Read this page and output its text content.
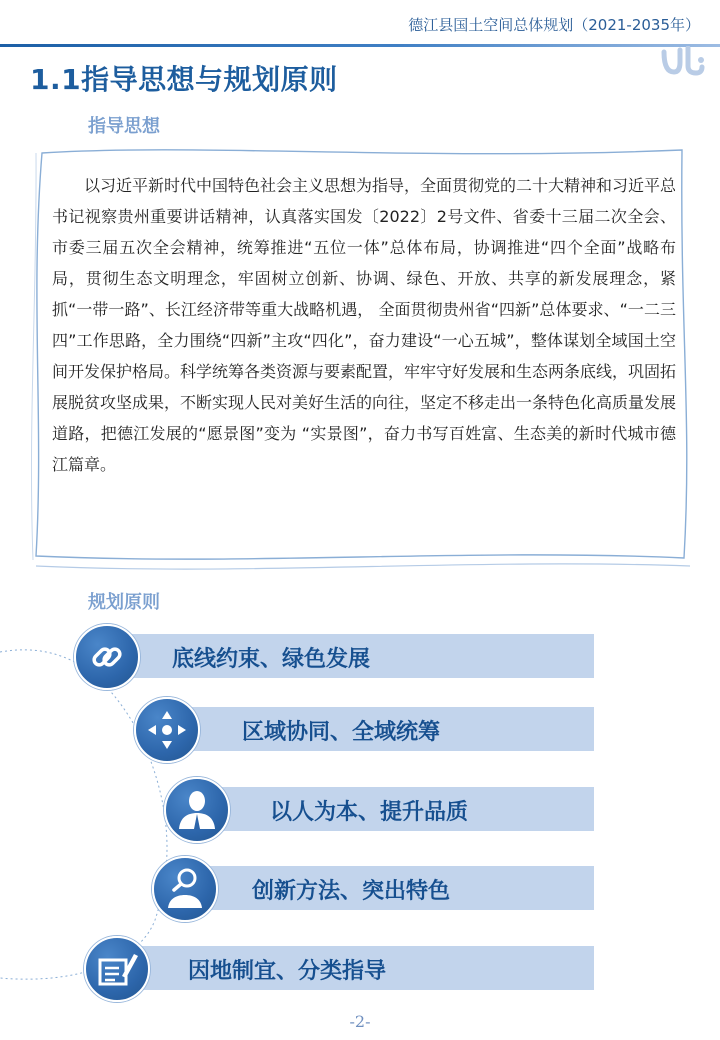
德江县国土空间总体规划（2021-2035年）
1.1指导思想与规划原则
指导思想
以习近平新时代中国特色社会主义思想为指导，全面贯彻党的二十大精神和习近平总书记视察贵州重要讲话精神，认真落实国发〔2022〕2号文件、省委十三届二次全会、市委三届五次全会精神，统筹推进“五位一体”总体布局，协调推进“四个全面”战略布局，贯彻生态文明理念，牢固树立创新、协调、绿色、开放、共享的新发展理念，紧抓“一带一路”、长江经济带等重大战略机遇， 全面贯彻贵州省“四新”总体要求、“一二三四”工作思路，全力围绕“四新”主攻“四化”，奋力建设“一心五城”，整体谋划全域国土空间开发保护格局。科学统筹各类资源与要素配置，牢牢守好发展和生态两条底线，巩固拓展脱贫攻坚成果，不断实现人民对美好生活的向往，坚定不移走出一条特色化高质量发展道路，把德江发展的“愿景图”变为 “实景图”，奋力书写百姓富、生态美的新时代城市德江篇章。
规划原则
底线约束、绿色发展
区域协同、全域统筹
以人为本、提升品质
创新方法、突出特色
因地制宜、分类指导
-2-
